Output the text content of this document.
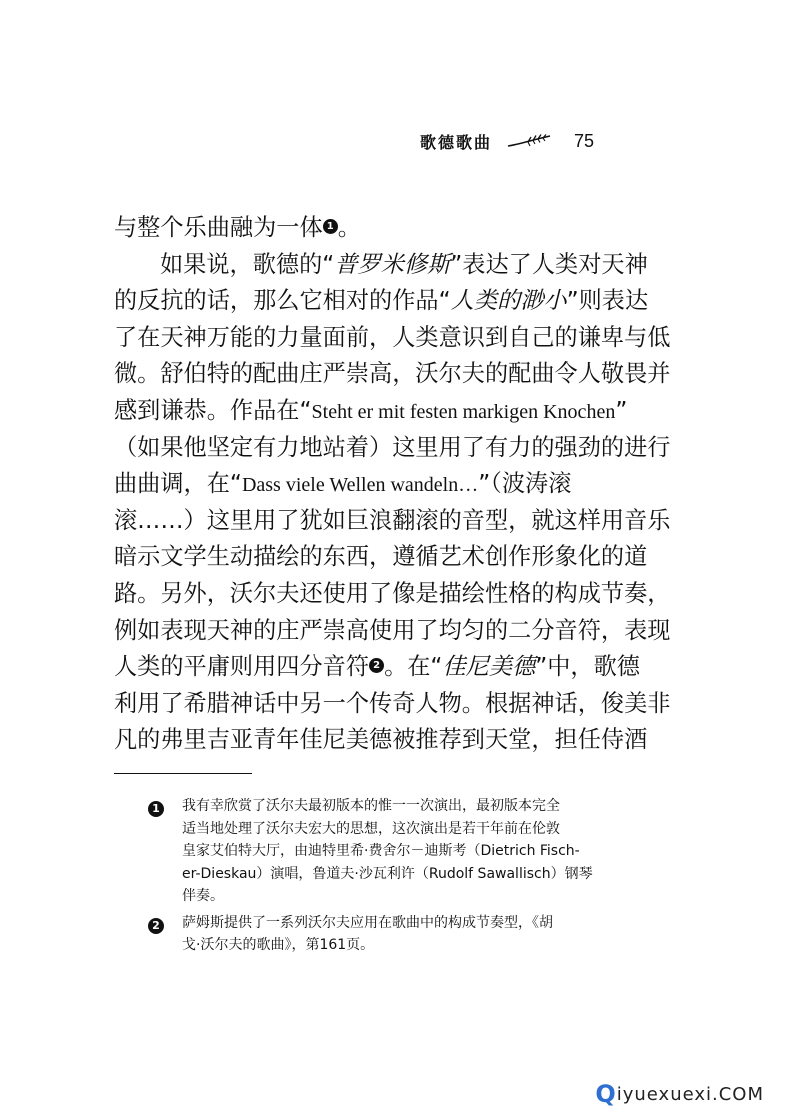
歌德歌曲	75
与整个乐曲融为一体 1 。
如果说，歌德的“普罗米修斯”表达了人类对天神
的反抗的话，那么它相对的作品“人类的渺小”则表达
了在天神万能的力量面前，人类意识到自己的谦卑与低
微。舒伯特的配曲庄严崇高，沃尔夫的配曲令人敬畏并
感到谦恭。作品在“Steht er mit festen markigen Knochen”
（如果他坚定有力地站着）这里用了有力的强劲的进行
曲曲调，在“Dass viele Wellen wandeln…”（波涛滚
滚……）这里用了犹如巨浪翻滚的音型，就这样用音乐
暗示文学生动描绘的东西，遵循艺术创作形象化的道
路。另外，沃尔夫还使用了像是描绘性格的构成节奏，
例如表现天神的庄严崇高使用了均匀的二分音符，表现
人类的平庸则用四分音符 2 。在“佳尼美德”中，歌德
利用了希腊神话中另一个传奇人物。根据神话，俊美非
凡的弗里吉亚青年佳尼美德被推荐到天堂，担任侍酒
1	我有幸欣赏了沃尔夫最初版本的惟一一次演出，最初版本完全
适当地处理了沃尔夫宏大的思想，这次演出是若干年前在伦敦
皇家艾伯特大厅，由迪特里希·费舍尔－迪斯考（Dietrich Fisch-
er-Dieskau）演唱，鲁道夫·沙瓦利许（Rudolf Sawallisch）钢琴
伴奏。
2	萨姆斯提供了一系列沃尔夫应用在歌曲中的构成节奏型，《胡
戈·沃尔夫的歌曲》，第161页。
Q iyuexuexi.COM
